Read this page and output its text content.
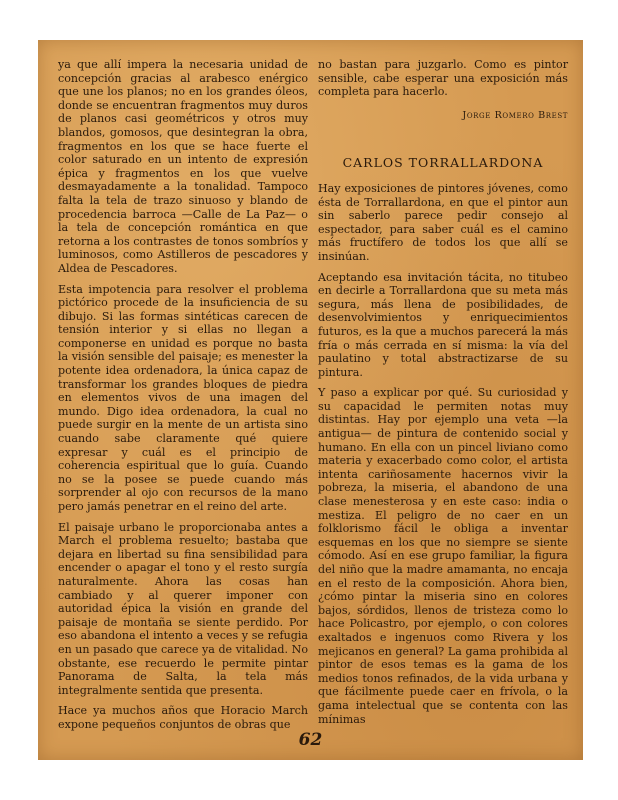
ya que allí impera la necesaria unidad de concepción gracias al arabesco enérgico que une los planos; no en los grandes óleos, donde se encuentran fragmentos muy duros de planos casi geométricos y otros muy blandos, gomosos, que desintegran la obra, fragmentos en los que se hace fuerte el color saturado en un intento de expresión épica y fragmentos en los que vuelve desmayadamente a la tonalidad. Tampoco falta la tela de trazo sinuoso y blando de procedencia barroca —Calle de La Paz— o la tela de concepción romántica en que retorna a los contrastes de tonos sombríos y luminosos, como Astilleros de pescadores y Aldea de Pescadores.

Esta impotencia para resolver el problema pictórico procede de la insuficiencia de su dibujo. Si las formas sintéticas carecen de tensión interior y si ellas no llegan a componerse en unidad es porque no basta la visión sensible del paisaje; es menester la potente idea ordenadora, la única capaz de transformar los grandes bloques de piedra en elementos vivos de una imagen del mundo. Digo idea ordenadora, la cual no puede surgir en la mente de un artista sino cuando sabe claramente qué quiere expresar y cuál es el principio de coherencia espiritual que lo guía. Cuando no se la posee se puede cuando más sorprender al ojo con recursos de la mano pero jamás penetrar en el reino del arte.

El paisaje urbano le proporcionaba antes a March el problema resuelto; bastaba que dejara en libertad su fina sensibilidad para encender o apagar el tono y el resto surgía naturalmente. Ahora las cosas han cambiado y al querer imponer con autoridad épica la visión en grande del paisaje de montaña se siente perdido. Por eso abandona el intento a veces y se refugia en un pasado que carece ya de vitalidad. No obstante, ese recuerdo le permite pintar Panorama de Salta, la tela más integralmente sentida que presenta.

Hace ya muchos años que Horacio March expone pequeños conjuntos de obras que

no bastan para juzgarlo. Como es pintor sensible, cabe esperar una exposición más completa para hacerlo.

Jorge Romero Brest

CARLOS TORRALLARDONA

Hay exposiciones de pintores jóvenes, como ésta de Torrallardona, en que el pintor aun sin saberlo parece pedir consejo al espectador, para saber cuál es el camino más fructífero de todos los que allí se insinúan.

Aceptando esa invitación tácita, no titubeo en decirle a Torrallardona que su meta más segura, más llena de posibilidades, de desenvolvimientos y enriquecimientos futuros, es la que a muchos parecerá la más fría o más cerrada en sí misma: la vía del paulatino y total abstractizarse de su pintura.

Y paso a explicar por qué. Su curiosidad y su capacidad le permiten notas muy distintas. Hay por ejemplo una veta —la antigua— de pintura de contenido social y humano. En ella con un pincel liviano como materia y exacerbado como color, el artista intenta cariñosamente hacernos vivir la pobreza, la miseria, el abandono de una clase menesterosa y en este caso: india o mestiza. El peligro de no caer en un folklorismo fácil le obliga a inventar esquemas en los que no siempre se siente cómodo. Así en ese grupo familiar, la figura del niño que la madre amamanta, no encaja en el resto de la composición. Ahora bien, ¿cómo pintar la miseria sino en colores bajos, sórdidos, llenos de tristeza como lo hace Policastro, por ejemplo, o con colores exaltados e ingenuos como Rivera y los mejicanos en general? La gama prohibida al pintor de esos temas es la gama de los medios tonos refinados, de la vida urbana y que fácilmente puede caer en frívola, o la gama intelectual que se contenta con las mínimas

62
